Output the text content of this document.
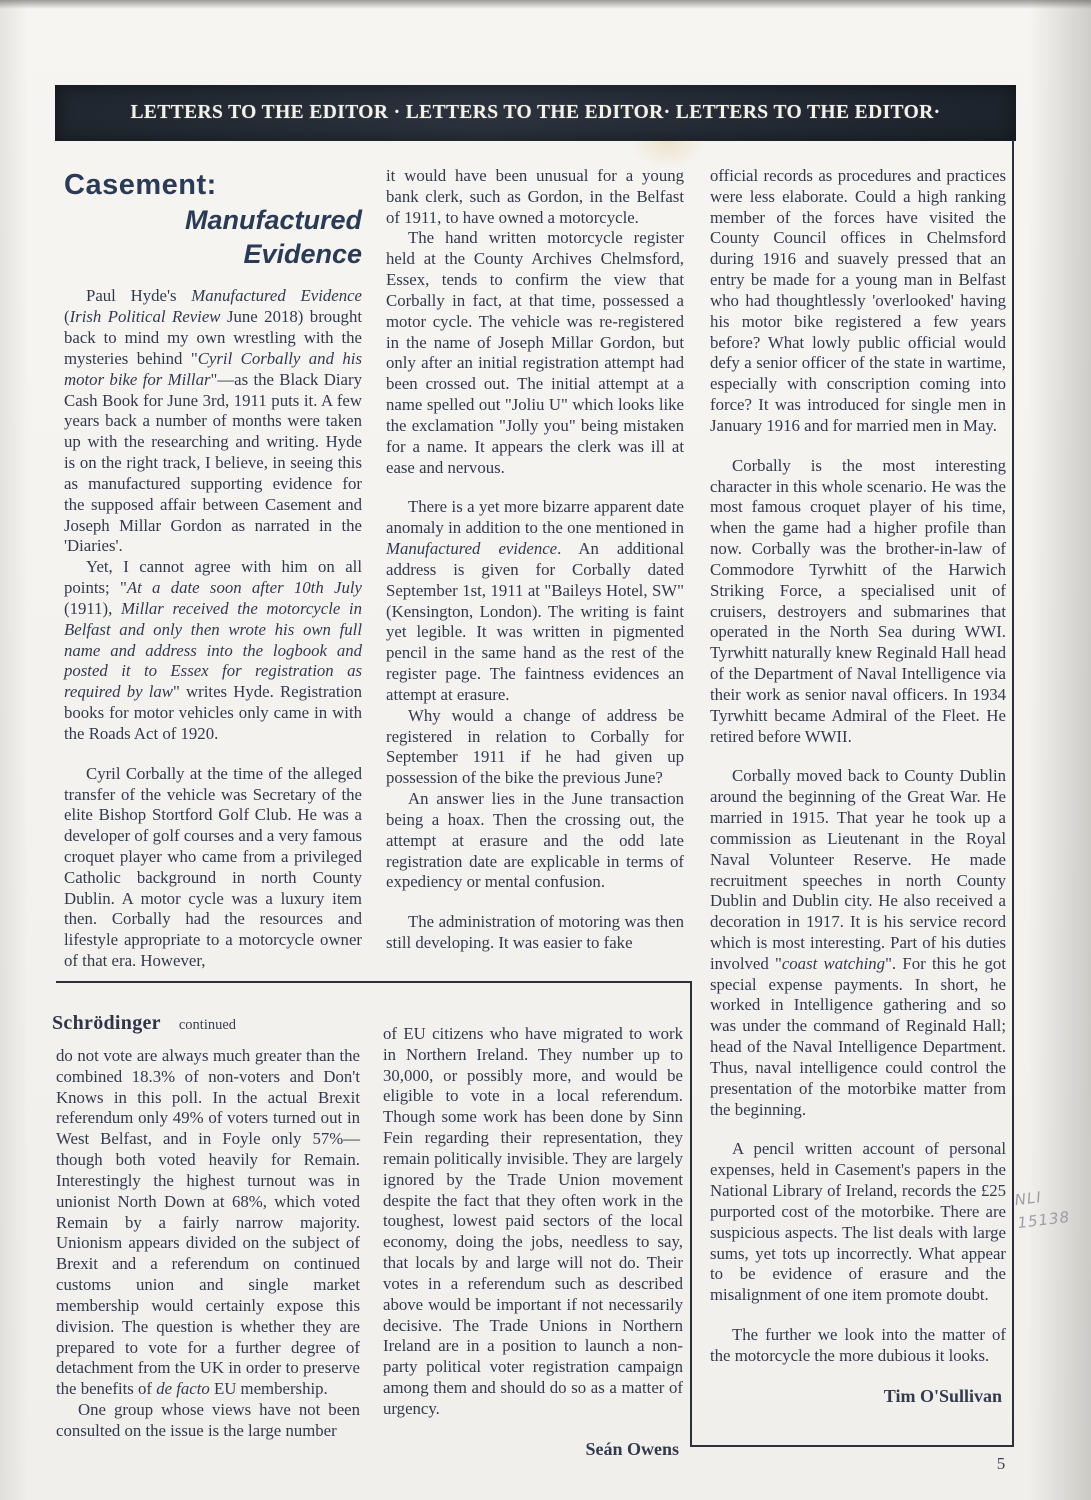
LETTERS TO THE EDITOR · LETTERS TO THE EDITOR· LETTERS TO THE EDITOR·
Casement:
Manufactured
Evidence

Paul Hyde's Manufactured Evidence (Irish Political Review June 2018) brought back to mind my own wrestling with the mysteries behind "Cyril Corbally and his motor bike for Millar"—as the Black Diary Cash Book for June 3rd, 1911 puts it. A few years back a number of months were taken up with the researching and writing. Hyde is on the right track, I believe, in seeing this as manufactured supporting evidence for the supposed affair between Casement and Joseph Millar Gordon as narrated in the 'Diaries'.

Yet, I cannot agree with him on all points; "At a date soon after 10th July (1911), Millar received the motorcycle in Belfast and only then wrote his own full name and address into the logbook and posted it to Essex for registration as required by law" writes Hyde. Registration books for motor vehicles only came in with the Roads Act of 1920.

Cyril Corbally at the time of the alleged transfer of the vehicle was Secretary of the elite Bishop Stortford Golf Club. He was a developer of golf courses and a very famous croquet player who came from a privileged Catholic background in north County Dublin. A motor cycle was a luxury item then. Corbally had the resources and lifestyle appropriate to a motorcycle owner of that era. However,

it would have been unusual for a young bank clerk, such as Gordon, in the Belfast of 1911, to have owned a motorcycle.

The hand written motorcycle register held at the County Archives Chelmsford, Essex, tends to confirm the view that Corbally in fact, at that time, possessed a motor cycle. The vehicle was re-registered in the name of Joseph Millar Gordon, but only after an initial registration attempt had been crossed out. The initial attempt at a name spelled out "Joliu U" which looks like the exclamation "Jolly you" being mistaken for a name. It appears the clerk was ill at ease and nervous.

There is a yet more bizarre apparent date anomaly in addition to the one mentioned in Manufactured evidence. An additional address is given for Corbally dated September 1st, 1911 at "Baileys Hotel, SW" (Kensington, London). The writing is faint yet legible. It was written in pigmented pencil in the same hand as the rest of the register page. The faintness evidences an attempt at erasure.

Why would a change of address be registered in relation to Corbally for September 1911 if he had given up possession of the bike the previous June?

An answer lies in the June transaction being a hoax. Then the crossing out, the attempt at erasure and the odd late registration date are explicable in terms of expediency or mental confusion.

The administration of motoring was then still developing. It was easier to fake

official records as procedures and practices were less elaborate. Could a high ranking member of the forces have visited the County Council offices in Chelmsford during 1916 and suavely pressed that an entry be made for a young man in Belfast who had thoughtlessly 'overlooked' having his motor bike registered a few years before? What lowly public official would defy a senior officer of the state in wartime, especially with conscription coming into force? It was introduced for single men in January 1916 and for married men in May.

Corbally is the most interesting character in this whole scenario. He was the most famous croquet player of his time, when the game had a higher profile than now. Corbally was the brother-in-law of Commodore Tyrwhitt of the Harwich Striking Force, a specialised unit of cruisers, destroyers and submarines that operated in the North Sea during WWI. Tyrwhitt naturally knew Reginald Hall head of the Department of Naval Intelligence via their work as senior naval officers. In 1934 Tyrwhitt became Admiral of the Fleet. He retired before WWII.

Corbally moved back to County Dublin around the beginning of the Great War. He married in 1915. That year he took up a commission as Lieutenant in the Royal Naval Volunteer Reserve. He made recruitment speeches in north County Dublin and Dublin city. He also received a decoration in 1917. It is his service record which is most interesting. Part of his duties involved "coast watching". For this he got special expense payments. In short, he worked in Intelligence gathering and so was under the command of Reginald Hall; head of the Naval Intelligence Department. Thus, naval intelligence could control the presentation of the motorbike matter from the beginning.

A pencil written account of personal expenses, held in Casement's papers in the National Library of Ireland, records the £25 purported cost of the motorbike. There are suspicious aspects. The list deals with large sums, yet tots up incorrectly. What appear to be evidence of erasure and the misalignment of one item promote doubt.

The further we look into the matter of the motorcycle the more dubious it looks.

Tim O'Sullivan
Schrödinger continued

do not vote are always much greater than the combined 18.3% of non-voters and Don't Knows in this poll. In the actual Brexit referendum only 49% of voters turned out in West Belfast, and in Foyle only 57%—though both voted heavily for Remain. Interestingly the highest turnout was in unionist North Down at 68%, which voted Remain by a fairly narrow majority. Unionism appears divided on the subject of Brexit and a referendum on continued customs union and single market membership would certainly expose this division. The question is whether they are prepared to vote for a further degree of detachment from the UK in order to preserve the benefits of de facto EU membership.

One group whose views have not been consulted on the issue is the large number

of EU citizens who have migrated to work in Northern Ireland. They number up to 30,000, or possibly more, and would be eligible to vote in a local referendum. Though some work has been done by Sinn Fein regarding their representation, they remain politically invisible. They are largely ignored by the Trade Union movement despite the fact that they often work in the toughest, lowest paid sectors of the local economy, doing the jobs, needless to say, that locals by and large will not do. Their votes in a referendum such as described above would be important if not necessarily decisive. The Trade Unions in Northern Ireland are in a position to launch a non-party political voter registration campaign among them and should do so as a matter of urgency.

Seán Owens
NLI
15138
5
